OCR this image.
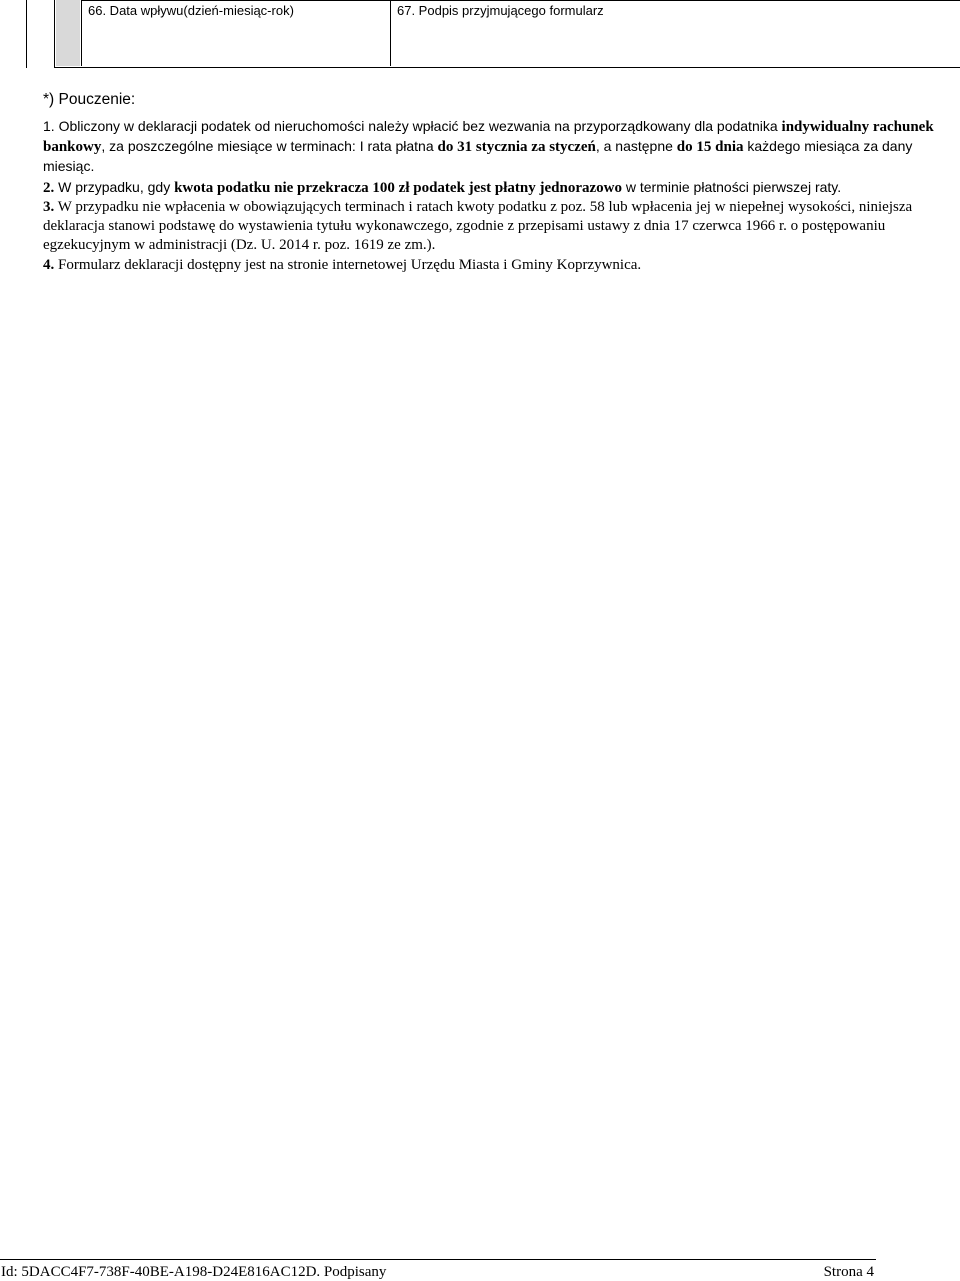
66. Data wpływu(dzień-miesiąc-rok)	67. Podpis przyjmującego formularz
*) Pouczenie:

1. Obliczony w deklaracji podatek od nieruchomości należy wpłacić bez wezwania na przyporządkowany dla podatnika indywidualny rachunek bankowy, za poszczególne miesiące w terminach: I rata płatna do 31 stycznia za styczeń, a następne do 15 dnia każdego miesiąca za dany miesiąc.

2. W przypadku, gdy kwota podatku nie przekracza 100 zł podatek jest płatny jednorazowo w terminie płatności pierwszej raty.

3. W przypadku nie wpłacenia w obowiązujących terminach i ratach kwoty podatku z poz. 58 lub wpłacenia jej w niepełnej wysokości, niniejsza deklaracja stanowi podstawę do wystawienia tytułu wykonawczego, zgodnie z przepisami ustawy z dnia 17 czerwca 1966 r. o postępowaniu egzekucyjnym w administracji (Dz. U. 2014 r. poz. 1619 ze zm.).

4. Formularz deklaracji dostępny jest na stronie internetowej Urzędu Miasta i Gminy Koprzywnica.

Id: 5DACC4F7-738F-40BE-A198-D24E816AC12D. Podpisany	Strona 4
